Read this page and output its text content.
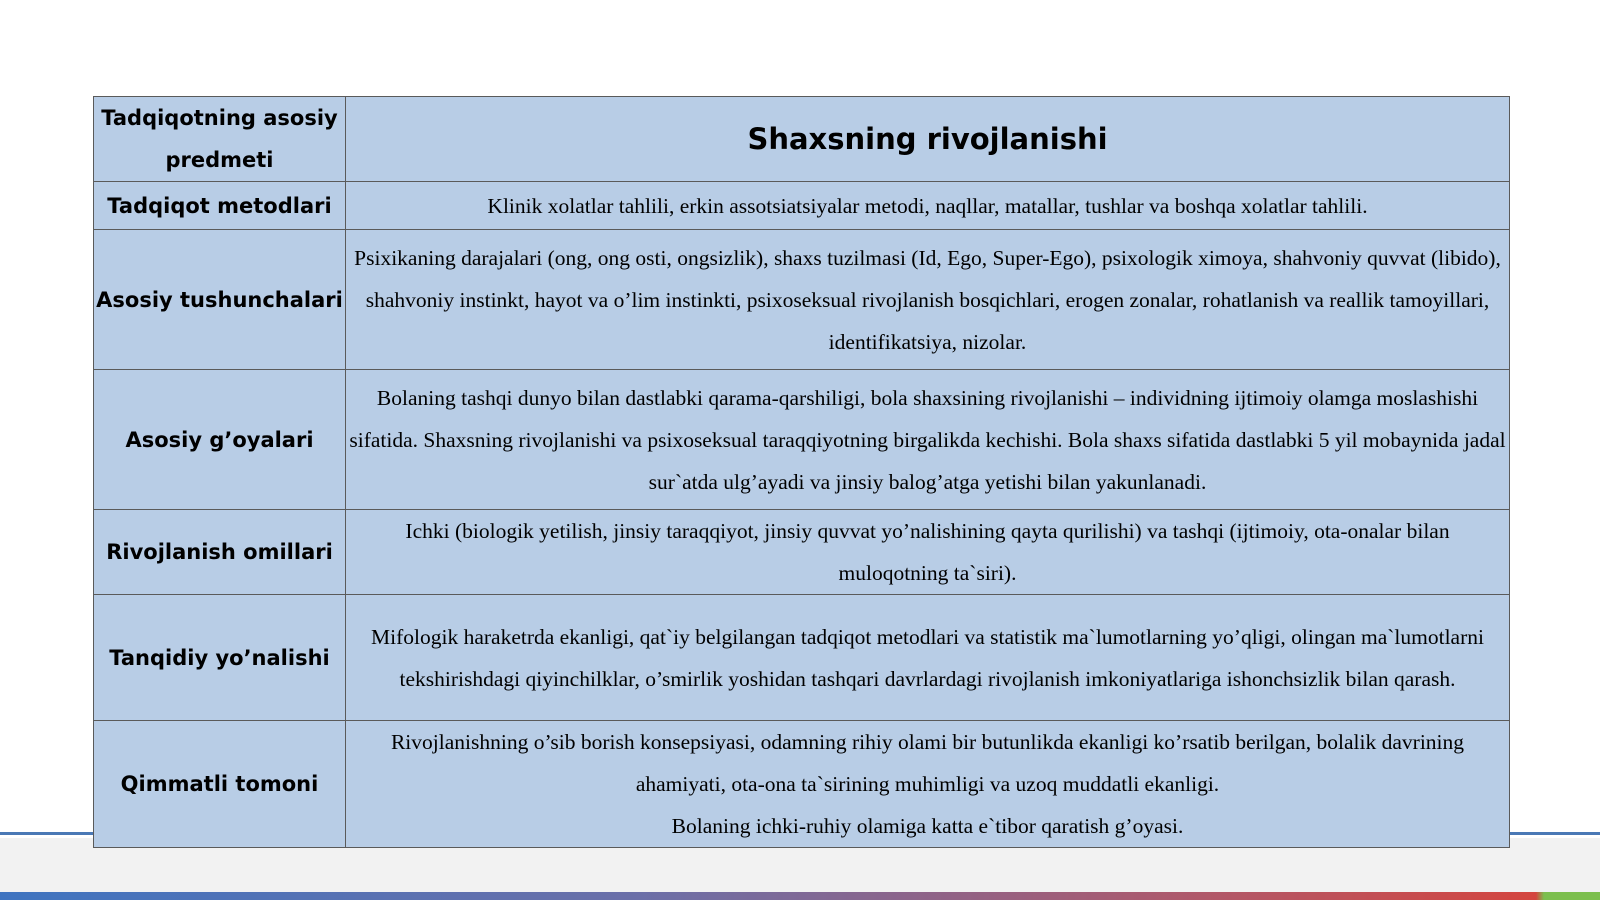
Tadqiqotning asosiy predmeti	Shaxsning rivojlanishi
Tadqiqot metodlari	Klinik xolatlar tahlili, erkin assotsiatsiyalar metodi, naqllar, matallar, tushlar va boshqa xolatlar tahlili.
Asosiy tushunchalari	Psixikaning darajalari (ong, ong osti, ongsizlik), shaxs tuzilmasi (Id, Ego, Super-Ego), psixologik ximoya, shahvoniy quvvat (libido), shahvoniy instinkt, hayot va o’lim instinkti, psixoseksual rivojlanish bosqichlari, erogen zonalar, rohatlanish va reallik tamoyillari, identifikatsiya, nizolar.
Asosiy g’oyalari	Bolaning tashqi dunyo bilan dastlabki qarama-qarshiligi, bola shaxsining rivojlanishi – individning ijtimoiy olamga moslashishi sifatida. Shaxsning rivojlanishi va psixoseksual taraqqiyotning birgalikda kechishi. Bola shaxs sifatida dastlabki 5 yil mobaynida jadal sur`atda ulg’ayadi va jinsiy balog’atga yetishi bilan yakunlanadi.
Rivojlanish omillari	Ichki (biologik yetilish, jinsiy taraqqiyot, jinsiy quvvat yo’nalishining qayta qurilishi) va tashqi (ijtimoiy, ota-onalar bilan muloqotning ta`siri).
Tanqidiy yo’nalishi	Mifologik haraketrda ekanligi, qat`iy belgilangan tadqiqot metodlari va statistik ma`lumotlarning yo’qligi, olingan ma`lumotlarni tekshirishdagi qiyinchilklar, o’smirlik yoshidan tashqari davrlardagi rivojlanish imkoniyatlariga ishonchsizlik bilan qarash.
Qimmatli tomoni	Rivojlanishning o’sib borish konsepsiyasi, odamning rihiy olami bir butunlikda ekanligi ko’rsatib berilgan, bolalik davrining ahamiyati, ota-ona ta`sirining muhimligi va uzoq muddatli ekanligi.
Bolaning ichki-ruhiy olamiga katta e`tibor qaratish g’oyasi.
